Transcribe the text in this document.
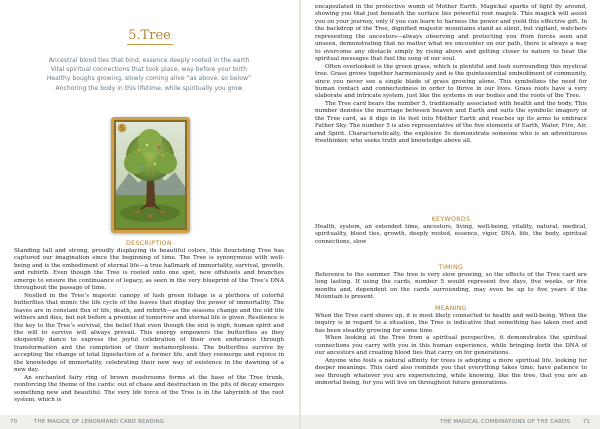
5.Tree
Ancestral blood ties that bind, essence deeply rooted in the earth
Vital spiritual connections that took place, way before your birth
Healthy boughs growing, slowly coming alive “as above, so below”
Anchoring the body in this lifetime, while spiritually you grow
5
DESCRIPTION

Standing tall and strong, proudly displaying its beautiful colors, this flourishing Tree has captured our imagination since the beginning of time. The Tree is synonymous with well-being and is the embodiment of eternal life—a true hallmark of immortality, survival, growth, and rebirth. Even though the Tree is rooted onto one spot, new offshoots and branches emerge to ensure the continuance of legacy, as seen in the very blueprint of the Tree’s DNA throughout the passage of time.

Nestled in the Tree’s majestic canopy of lush green foliage is a plethora of colorful butterflies that mimic the life cycle of the leaves that display the power of immortality. The leaves are in constant flux of life, death, and rebirth—as the seasons change and the old life withers and dies, but not before a promise of tomorrow and eternal life is given. Resilience is the key to the Tree’s survival, the belief that even though the end is nigh, human spirit and the will to survive will always prevail. This energy empowers the butterflies as they eloquently dance to express the joyful celebration of their own endurance through transformation and the completion of their metamorphosis. The butterflies survive by accepting the change of total liquefaction of a former life, and they reemerge and rejoice in the knowledge of immortality, celebrating their new way of existence in the dawning of a new day.

An enchanted fairy ring of brown mushrooms forms at the base of the Tree trunk, reinforcing the theme of the cards: out of chaos and destruction in the pits of decay emerges something new and beautiful. The very life force of the Tree is in the labyrinth of the root system, which is

70	THE MAGICK OF LENORMAND CARD READING

encapsulated in the protective womb of Mother Earth. Magickal sparks of light fly around, showing you that just beneath the surface lies powerful root magick. This magick will assist you on your journey, only if you can learn to harness the power and yield this effective gift. In the backdrop of the Tree, dignified majestic mountains stand as silent, but vigilant, watchers representing the ancestors—always observing and protecting you from forces seen and unseen, demonstrating that no matter what we encounter on our path, there is always a way to overcome any obstacle simply by rising above and getting closer to nature to hear the spiritual messages that fuel the song of our soul.

Often overlooked is the green grass, which is plentiful and lush surrounding this mystical tree. Grass grows together harmoniously and is the quintessential embodiment of community, since you never see a single blade of grass growing alone. This symbolizes the need for human contact and connectedness in order to thrive in our lives. Grass roots have a very elaborate and intricate system, just like the systems in our bodies and the roots of the Tree.

The Tree card bears the number 5, traditionally associated with health and the body. This number denotes the marriage between heaven and Earth and suits the symbolic imagery of the Tree card, as it digs in its feet into Mother Earth and reaches up its arms to embrace Father Sky. The number 5 is also representative of the five elements of Earth, Water, Fire, Air, and Spirit. Characteristically, the explosive 5s demonstrate someone who is an adventurous freethinker, who seeks truth and knowledge above all.

KEYWORDS

Health, system, an extended time, ancestors, living, well-being, vitality, natural, medical, spirituality, blood ties, growth, deeply rooted, essence, vigor, DNA, life, the body, spiritual connections, slow

TIMING

Reference to the summer. The tree is very slow growing, so the effects of the Tree card are long lasting. If using the cards, number 5 would represent five days, five weeks, or five months and, dependent on the cards surrounding, may even be up to five years if the Mountain is present.

MEANING

When the Tree card shows up, it is most likely connected to health and well-being. When the inquiry is in regard to a situation, the Tree is indicative that something has taken root and has been steadily growing for some time.

When looking at the Tree from a spiritual perspective, it demonstrates the spiritual connections you carry with you in this human experience, while bringing forth the DNA of our ancestors and creating blood ties that carry on for generations.

Anyone who feels a natural affinity for trees is adopting a more spiritual life, looking for deeper meanings. This card also reminds you that everything takes time; have patience to see through whatever you are experiencing, while knowing, like the tree, that you are an immortal being, for you will live on throughout future generations.

THE MAGICAL COMBINATIONS OF THE CARDS 71
